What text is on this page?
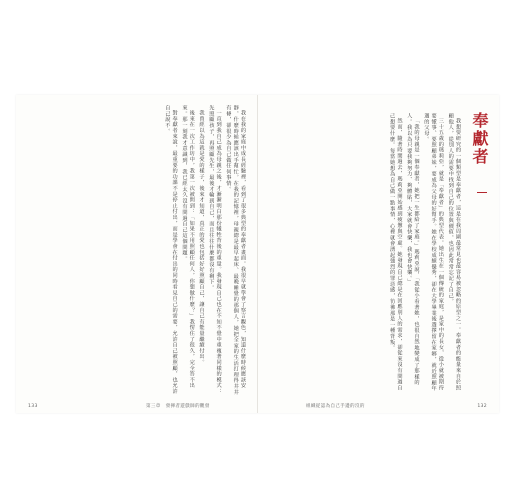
我在我的家庭中成長經驗裡，看到了很多典型的奉獻者畫面。我很早就學會了察言觀色，知道什麼時候應該安靜，什麼時候應該出手幫忙。在我的記憶裡，母親總是最早起床、最晚睡覺的那個人，她把全家的生活打理得井井有條，卻很少為自己做任何事情。

一直到我自己成為母親之後，才漸漸明白那份犧牲背後的重量。我發現自己也在不知不覺中重複著同樣的模式：先照顧孩子，再照顧先生，最後才輪到自己，而且往往什麼都沒有剩下。

我曾經以為這就是愛的樣子，後來才知道，真正的愛也包括好好照顧自己，讓自己有能量繼續付出。

後來在一次工作坊中，我第一次被問到：「如果不用照顧任何人，你想做什麼？」我愣住了很久，完全答不出來。那一刻我才意識到，我已經太久沒有問過自己這個問題。

對奉獻者來說，最重要的功課不是停止付出，而是學會在付出的同時看見自己的需要，允許自己被照顧，也允許自己說不。

133	第三章　發揮者遊戲師的觀發
奉獻者

我想要研究的一個類型是奉獻者，這是在我周圍最常見也最容易被忽略的原型之一。奉獻者的能量來自於照顧他人，從別人的需要中找到自己的位置與價值，也因此常常忘記了自己。

三十五歲的瑪莉亞，就是「奉獻者」的典型代表。她出生在一個傳統的家庭，是家中的長女，從小就被期待要懂事、要照顧弟妹，要成為父母的好幫手。她在學校成績優秀，卻在大學畢業後選擇留在家鄉，就近照顧年邁的父母。

「我的母親是一個奉獻者，她把一生都給了家庭。」瑪莉亞說，「我從小看著她，也很自然地變成了那樣的人。我以為只要我夠努力、夠體貼，大家就會快樂，我也會快樂。」

然而，隨著時間過去，瑪莉亞開始感到疲憊與空虛。她發現自己總是在回應別人的需求，卻從來沒有問過自己想要什麼。每當她想為自己做一點事情，心裡就會湧起強烈的罪惡感，彷彿那是一種背叛。

組織從認為自己手邊的沒的	132
